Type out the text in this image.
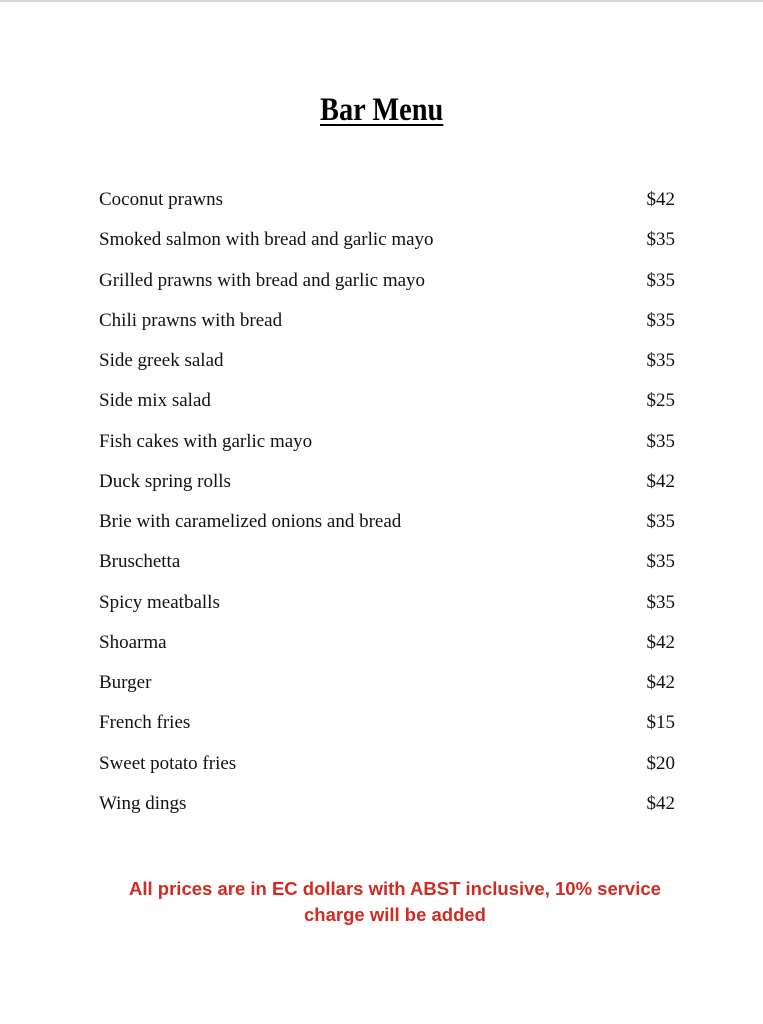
Bar Menu
Coconut prawns	$42
Smoked salmon with bread and garlic mayo	$35
Grilled prawns with bread and garlic mayo	$35
Chili prawns with bread	$35
Side greek salad	$35
Side mix salad	$25
Fish cakes with garlic mayo	$35
Duck spring rolls	$42
Brie with caramelized onions and bread	$35
Bruschetta	$35
Spicy meatballs	$35
Shoarma	$42
Burger	$42
French fries	$15
Sweet potato fries	$20
Wing dings	$42
All prices are in EC dollars with ABST inclusive, 10% service charge will be added
